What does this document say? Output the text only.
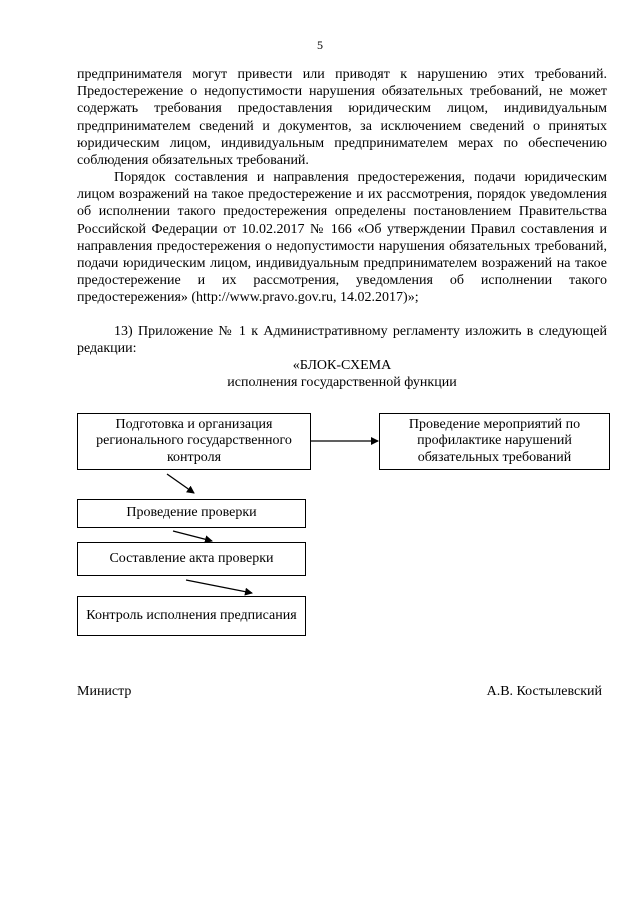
5

предпринимателя могут привести или приводят к нарушению этих требований. Предостережение о недопустимости нарушения обязательных требований, не может содержать требования предоставления юридическим лицом, индивидуальным предпринимателем сведений и документов, за исключением сведений о принятых юридическим лицом, индивидуальным предпринимателем мерах по обеспечению соблюдения обязательных требований.

Порядок составления и направления предостережения, подачи юридическим лицом возражений на такое предостережение и их рассмотрения, порядок уведомления об исполнении такого предостережения определены постановлением Правительства Российской Федерации от 10.02.2017 № 166 «Об утверждении Правил составления и направления предостережения о недопустимости нарушения обязательных требований, подачи юридическим лицом, индивидуальным предпринимателем возражений на такое предостережение и их рассмотрения, уведомления об исполнении такого предостережения» (http://www.pravo.gov.ru, 14.02.2017)»;

13) Приложение № 1 к Административному регламенту изложить в следующей редакции:

«БЛОК-СХЕМА
исполнения государственной функции
Подготовка и организация регионального государственного контроля
Проведение мероприятий по профилактике нарушений обязательных требований
Проведение проверки
Составление акта проверки
Контроль исполнения предписания
Министр	А.В. Костылевский
